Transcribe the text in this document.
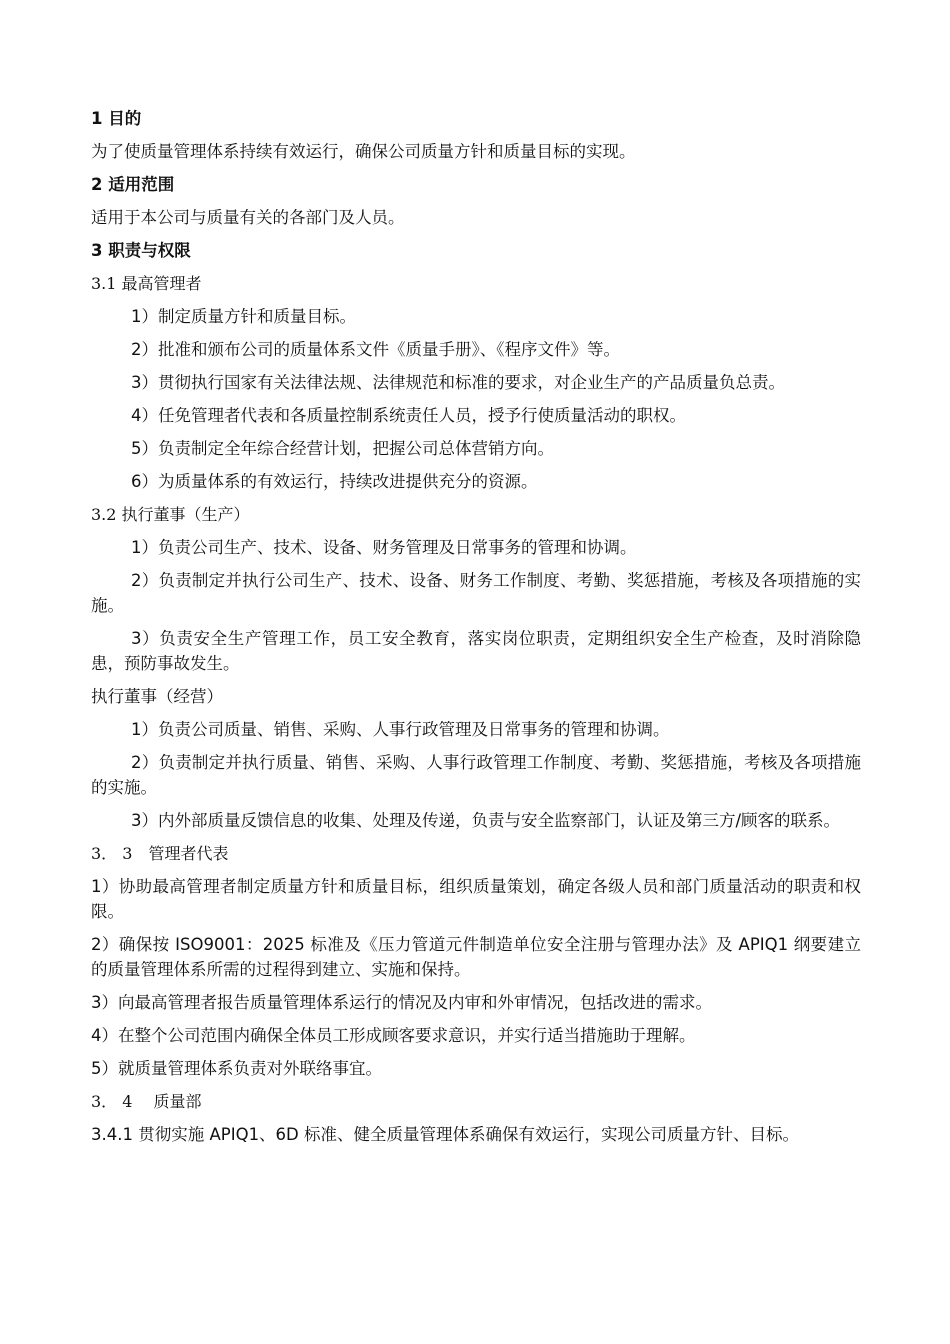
1 目的
为了使质量管理体系持续有效运行，确保公司质量方针和质量目标的实现。
2 适用范围
适用于本公司与质量有关的各部门及人员。
3 职责与权限
3.1 最高管理者
1）制定质量方针和质量目标。
2）批准和颁布公司的质量体系文件《质量手册》、《程序文件》等。
3）贯彻执行国家有关法律法规、法律规范和标准的要求，对企业生产的产品质量负总责。
4）任免管理者代表和各质量控制系统责任人员，授予行使质量活动的职权。
5）负责制定全年综合经营计划，把握公司总体营销方向。
6）为质量体系的有效运行，持续改进提供充分的资源。
3.2 执行董事（生产）
1）负责公司生产、技术、设备、财务管理及日常事务的管理和协调。
2）负责制定并执行公司生产、技术、设备、财务工作制度、考勤、奖惩措施，考核及各项措施的实施。
3）负责安全生产管理工作，员工安全教育，落实岗位职责，定期组织安全生产检查，及时消除隐患，预防事故发生。
执行董事（经营）
1）负责公司质量、销售、采购、人事行政管理及日常事务的管理和协调。
2）负责制定并执行质量、销售、采购、人事行政管理工作制度、考勤、奖惩措施，考核及各项措施的实施。
3）内外部质量反馈信息的收集、处理及传递，负责与安全监察部门，认证及第三方/顾客的联系。
3． 3　管理者代表
1）协助最高管理者制定质量方针和质量目标，组织质量策划，确定各级人员和部门质量活动的职责和权限。
2）确保按 ISO9001：2025 标准及《压力管道元件制造单位安全注册与管理办法》及 APIQ1 纲要建立的质量管理体系所需的过程得到建立、实施和保持。
3）向最高管理者报告质量管理体系运行的情况及内审和外审情况，包括改进的需求。
4）在整个公司范围内确保全体员工形成顾客要求意识，并实行适当措施助于理解。
5）就质量管理体系负责对外联络事宜。
3． 4　 质量部
3.4.1 贯彻实施 APIQ1、6D 标准、健全质量管理体系确保有效运行，实现公司质量方针、目标。
